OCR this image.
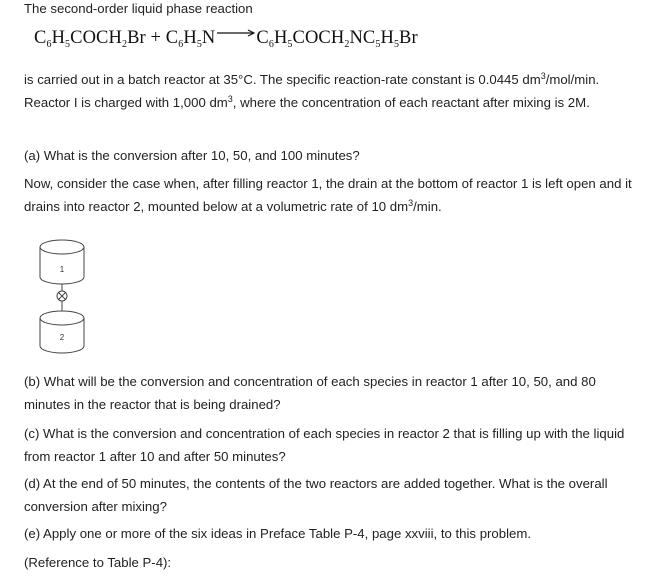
The second-order liquid phase reaction

$C_6H_5COCH_2Br + C_6H_5N$ $\to C_6H_5COCH_2NC_5H_5Br$

is carried out in a batch reactor at 35°C. The specific reaction-rate constant is 0.0445 $dm^3/mol/\min$. Reactor I is charged with 1,000 $dm^3$, where the concentration of each reactant after mixing is 2M.

(a) What is the conversion after 10, 50, and 100 minutes?

Now, consider the case when, after filling reactor 1, the drain at the bottom of reactor 1 is left open and it drains into reactor 2, mounted below at a volumetric rate of 10 $dm^3/\min$.

1
2

(b) What will be the conversion and concentration of each species in reactor 1 after 10, 50, and 80 minutes in the reactor that is being drained?

(c) What is the conversion and concentration of each species in reactor 2 that is filling up with the liquid from reactor 1 after 10 and after 50 minutes?

(d) At the end of 50 minutes, the contents of the two reactors are added together. What is the overall conversion after mixing?

(e) Apply one or more of the six ideas in Preface Table P-4, page xxviii, to this problem.

(Reference to Table P-4):
